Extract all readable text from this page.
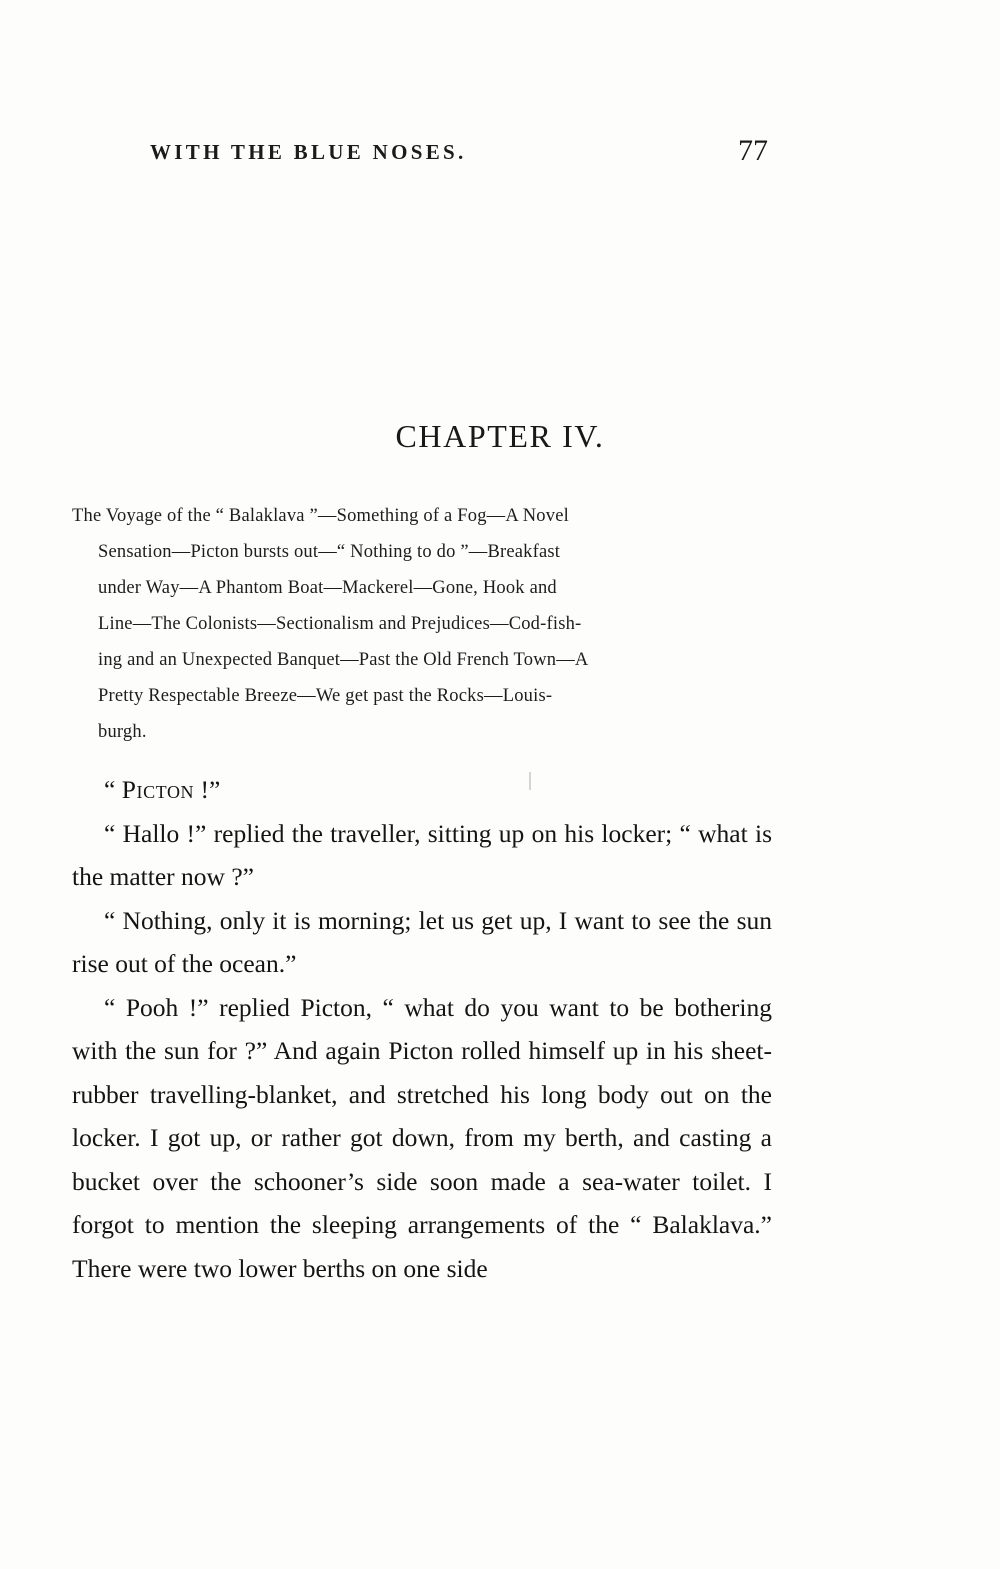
WITH THE BLUE NOSES.	77
CHAPTER IV.

The Voyage of the “ Balaklava ”—Something of a Fog—A Novel

Sensation—Picton bursts out—“ Nothing to do ”—Breakfast

under Way—A Phantom Boat—Mackerel—Gone, Hook and

Line—The Colonists—Sectionalism and Prejudices—Cod-fish-

ing and an Unexpected Banquet—Past the Old French Town—A

Pretty Respectable Breeze—We get past the Rocks—Louis-

burgh.

“ Picton !”

“ Hallo !” replied the traveller, sitting up on his locker; “ what is the matter now ?”

“ Nothing, only it is morning; let us get up, I want to see the sun rise out of the ocean.”

“ Pooh !” replied Picton, “ what do you want to be bothering with the sun for ?” And again Picton rolled himself up in his sheet-rubber travelling-blanket, and stretched his long body out on the locker. I got up, or rather got down, from my berth, and casting a bucket over the schooner’s side soon made a sea-water toilet. I forgot to mention the sleeping arrangements of the “ Balaklava.” There were two lower berths on one side
